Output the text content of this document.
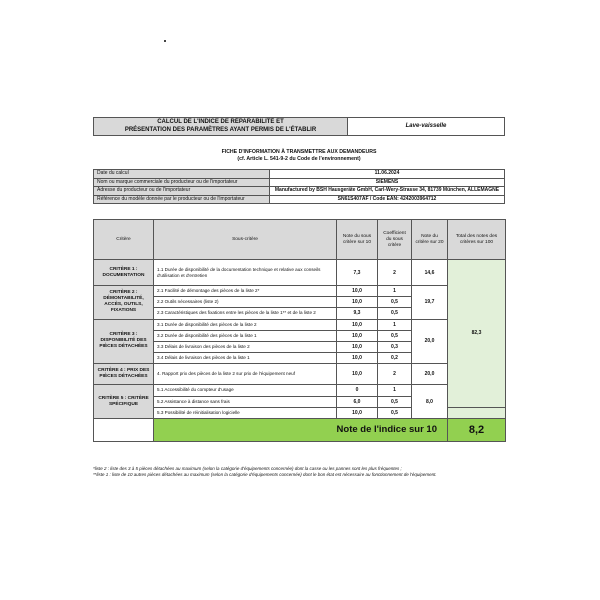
CALCUL DE L'INDICE DE RÉPARABILITÉ ET
PRÉSENTATION DES PARAMÈTRES AYANT PERMIS DE L'ÉTABLIR
	Lave-vaisselle
FICHE D'INFORMATION À TRANSMETTRE AUX DEMANDEURS
(cf. Article L. 541-9-2 du Code de l'environnement)
Date du calcul	11.06.2024
Nom ou marque commerciale du producteur ou de l'importateur	SIEMENS
Adresse du producteur ou de l'importateur	Manufactured by BSH Hausgeräte GmbH, Carl-Wery-Strasse 34, 81739 München, ALLEMAGNE
Référence du modèle donnée par le producteur ou de l'importateur	SN61S407AF / Code EAN: 4242003964712
Critère	Sous-critère	Note du sous critère sur 10	Coefficient du sous critère	Note du critère sur 20	Total des notes des critères sur 100
CRITÈRE 1 : DOCUMENTATION	1.1 Durée de disponibilité de la documentation technique et relative aux conseils d'utilisation et d'entretien	7,3	2	14,6	82,3
CRITÈRE 2 : DÉMONTABILITÉ, ACCÈS, OUTILS, FIXATIONS	2.1 Facilité de démontage des pièces de la liste 2*	10,0	1	19,7	
	2.2 Outils nécessaires (liste 2)	10,0	0,5		
	2.3 Caractéristiques des fixations entre les pièces de la liste 1** et de la liste 2	9,3	0,5		
CRITÈRE 3 : DISPONIBILITÉ DES PIÈCES DÉTACHÉES	3.1 Durée de disponibilité des pièces de la liste 2	10,0	1	20,0	
	3.2 Durée de disponibilité des pièces de la liste 1	10,0	0,5		
	3.3 Délais de livraison des pièces de la liste 2	10,0	0,3		
	3.4 Délais de livraison des pièces de la liste 1	10,0	0,2		
CRITÈRE 4 : PRIX DES PIÈCES DÉTACHÉES	4. Rapport prix des pièces de la liste 2 sur prix de l'équipement neuf	10,0	2	20,0	
CRITÈRE 5 : CRITÈRE SPÉCIFIQUE	5.1 Accessibilité du compteur d'usage	0	1	8,0	
	5.2 Assistance à distance sans frais	6,0	0,5		
	5.3 Possibilité de réinitialisation logicielle	10,0	0,5		
	Note de l'indice sur 10				8,2
*liste 2 : liste des 3 à 5 pièces détachées au maximum (selon la catégorie d'équipements concernée) dont la casse ou les pannes sont les plus fréquentes ;
**liste 1 : liste de 10 autres pièces détachées au maximum (selon la catégorie d'équipements concernée) dont le bon état est nécessaire au fonctionnement de l'équipement.
